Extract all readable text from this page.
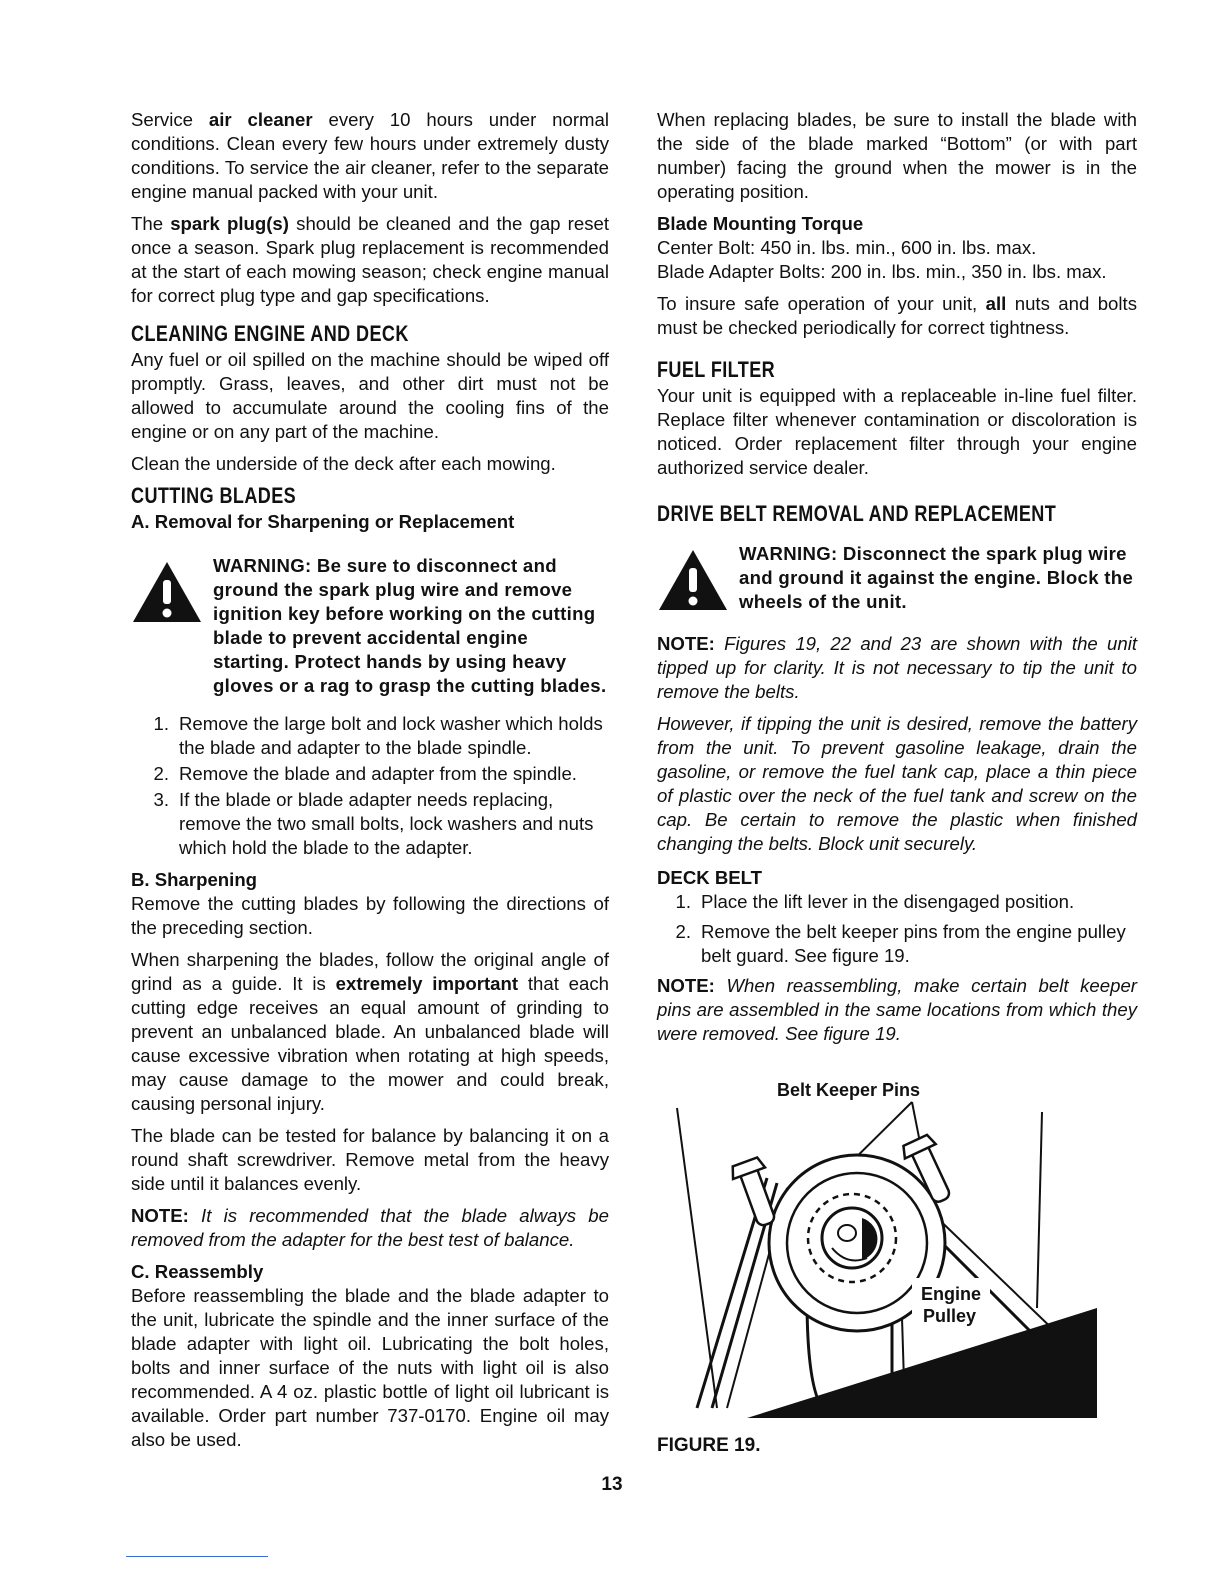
Service air cleaner every 10 hours under normal conditions. Clean every few hours under extremely dusty conditions. To service the air cleaner, refer to the separate engine manual packed with your unit.

The spark plug(s) should be cleaned and the gap reset once a season. Spark plug replacement is recommended at the start of each mowing season; check engine manual for correct plug type and gap specifications.

CLEANING ENGINE AND DECK

Any fuel or oil spilled on the machine should be wiped off promptly. Grass, leaves, and other dirt must not be allowed to accumulate around the cooling fins of the engine or on any part of the machine.

Clean the underside of the deck after each mowing.

CUTTING BLADES
A. Removal for Sharpening or Replacement
WARNING: Be sure to disconnect and ground the spark plug wire and remove ignition key before working on the cutting blade to prevent accidental engine starting. Protect hands by using heavy gloves or a rag to grasp the cutting blades.
1. Remove the large bolt and lock washer which holds the blade and adapter to the blade spindle.
2. Remove the blade and adapter from the spindle.
3. If the blade or blade adapter needs replacing, remove the two small bolts, lock washers and nuts which hold the blade to the adapter.
B. Sharpening

Remove the cutting blades by following the directions of the preceding section.

When sharpening the blades, follow the original angle of grind as a guide. It is extremely important that each cutting edge receives an equal amount of grinding to prevent an unbalanced blade. An unbalanced blade will cause excessive vibration when rotating at high speeds, may cause damage to the mower and could break, causing personal injury.

The blade can be tested for balance by balancing it on a round shaft screwdriver. Remove metal from the heavy side until it balances evenly.

NOTE: It is recommended that the blade always be removed from the adapter for the best test of balance.

C. Reassembly

Before reassembling the blade and the blade adapter to the unit, lubricate the spindle and the inner surface of the blade adapter with light oil. Lubricating the bolt holes, bolts and inner surface of the nuts with light oil is also recommended. A 4 oz. plastic bottle of light oil lubricant is available. Order part number 737-0170. Engine oil may also be used.

When replacing blades, be sure to install the blade with the side of the blade marked “Bottom” (or with part number) facing the ground when the mower is in the operating position.

Blade Mounting Torque
Center Bolt: 450 in. lbs. min., 600 in. lbs. max.
Blade Adapter Bolts: 200 in. lbs. min., 350 in. lbs. max.

To insure safe operation of your unit, all nuts and bolts must be checked periodically for correct tightness.

FUEL FILTER

Your unit is equipped with a replaceable in-line fuel filter. Replace filter whenever contamination or discoloration is noticed. Order replacement filter through your engine authorized service dealer.

DRIVE BELT REMOVAL AND REPLACEMENT
WARNING: Disconnect the spark plug wire and ground it against the engine. Block the wheels of the unit.

NOTE: Figures 19, 22 and 23 are shown with the unit tipped up for clarity. It is not necessary to tip the unit to remove the belts.

However, if tipping the unit is desired, remove the battery from the unit. To prevent gasoline leakage, drain the gasoline, or remove the fuel tank cap, place a thin piece of plastic over the neck of the fuel tank and screw on the cap. Be certain to remove the plastic when finished changing the belts. Block unit securely.

DECK BELT
1. Place the lift lever in the disengaged position.
2. Remove the belt keeper pins from the engine pulley belt guard. See figure 19.

NOTE: When reassembling, make certain belt keeper pins are assembled in the same locations from which they were removed. See figure 19.

Belt Keeper Pins
Engine
Pulley
FIGURE 19.
13
